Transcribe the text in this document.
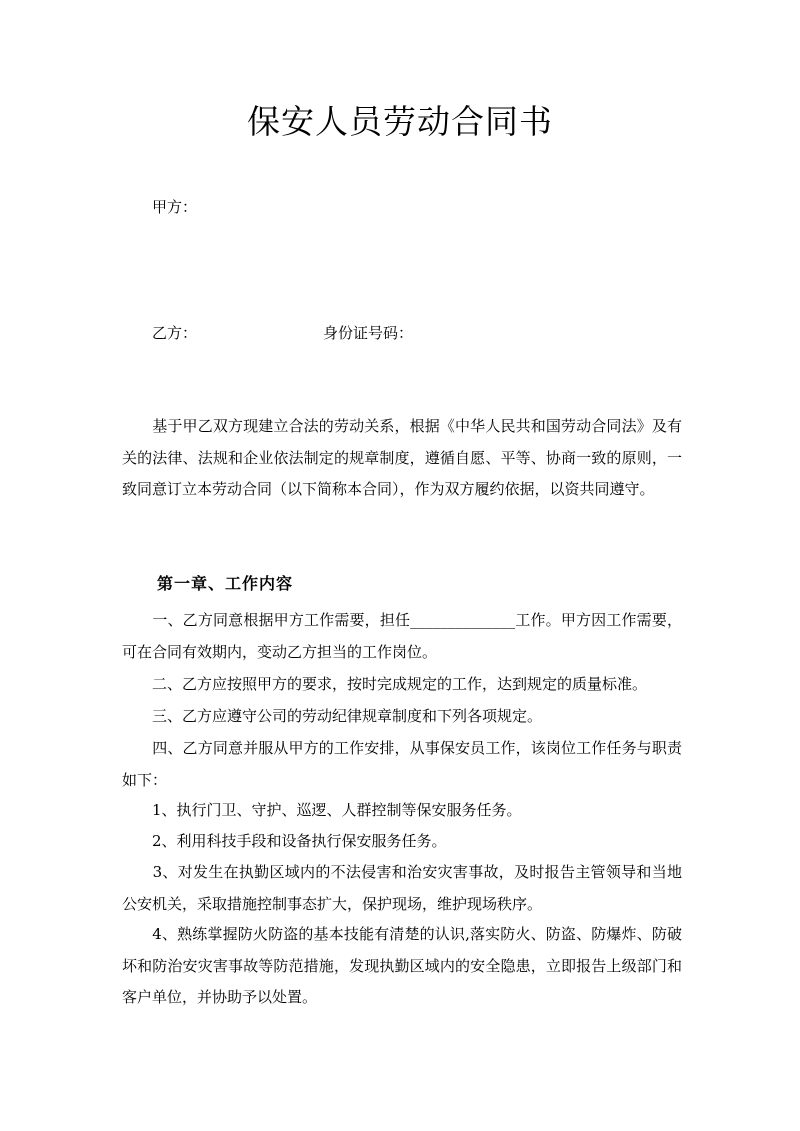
保安人员劳动合同书
甲方：
乙方：	身份证号码：

　　基于甲乙双方现建立合法的劳动关系，根据《中华人民共和国劳动合同法》及有关的法律、法规和企业依法制定的规章制度，遵循自愿、平等、协商一致的原则，一致同意订立本劳动合同（以下简称本合同），作为双方履约依据，以资共同遵守。

第一章、工作内容

　　一、乙方同意根据甲方工作需要，担任______________工作。甲方因工作需要，可在合同有效期内，变动乙方担当的工作岗位。

　　二、乙方应按照甲方的要求，按时完成规定的工作，达到规定的质量标准。

　　三、乙方应遵守公司的劳动纪律规章制度和下列各项规定。

　　四、乙方同意并服从甲方的工作安排，从事保安员工作，该岗位工作任务与职责如下：

　　1、执行门卫、守护、巡逻、人群控制等保安服务任务。

　　2、利用科技手段和设备执行保安服务任务。

　　3、对发生在执勤区域内的不法侵害和治安灾害事故，及时报告主管领导和当地公安机关，采取措施控制事态扩大，保护现场，维护现场秩序。

　　4、熟练掌握防火防盗的基本技能有清楚的认识,落实防火、防盗、防爆炸、防破坏和防治安灾害事故等防范措施，发现执勤区域内的安全隐患，立即报告上级部门和客户单位，并协助予以处置。
